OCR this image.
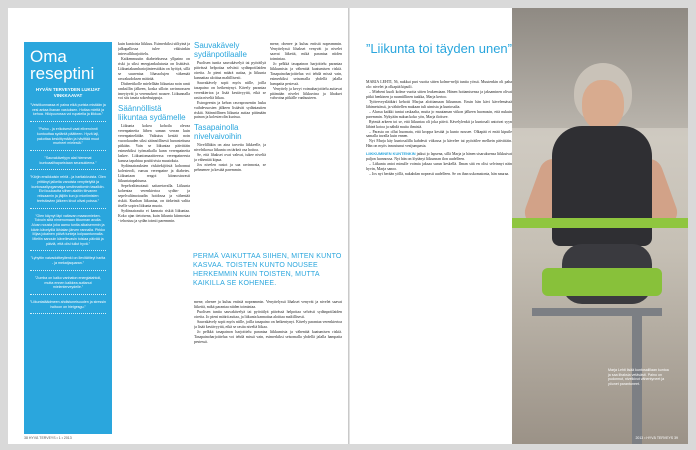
Oma reseptini
HYVÄN TERVEYDEN LUKIJAT VINKKAAVAT
”Veistikunnassa ei paina eikä purista mistään ja vesi antaa ihanan vastuksen. Hoitaa mieltä ja kehoa. Hikipuurossa voi rupatella ja liikkua.”
”Paino - ja erikoisesti vaat eliveroinnit kuntouttaa sydäntä päätteen. Hyvä lajl, pakottaa keskittymään ja hävittää muut murheet mielestä.”
”Sauvakävelyyn alat hiemmat kuntoaalihaparistaan seuraukiema.”
”Kärjin ensikkaisin rehtä - ja hartiakivuista. Olen yrittänyt jalkeita vanoista venyttelyltä ja kuntosaaliyogamaiga sesitnnattomin tasalkiin. Eivi kuukautta siihen alaltiin tiirvanen reksaamin ja jäljitin kun jo mioriimisten teetsitavien jälkeen kivut olivat poissa.”
”Olen käynyt läpi valtavan maasvmieken. Toivuin siitä nimenomaan liikunnan avulla. Alusn nousta joka aamu tuntia aikaisemmin ja kävin kävelyillä lähialan järven rannalla. Pirkko liiljaa jokainen päivä tunteja kolpaantunnalla. Mieltin sanouin kävellevasin toisiaa päivää ja päiviä, että olisi tullut hyvä.”
”Lyhyttin vaivadoitteyitenki on Ilevitätiteyi harita - ja mekatjaquaran.”
”Zumba on kaiko vanhaton energiatahtoli, mutta ennen kaikkea auttanut mielenterveydelle.”
”Liikuntatäädmeen ahdistuneisuuden ja stressin hoitoon on hieigesgu.”

kuin kuntoista liikkuu. Esimerkiksi siiltyinä ja jalkapallossa tulee väkisinkin intervalliharjoittelu.

Kaikenmuutin diabeteksessa yllpaino on riski ja siksi energiankulutusta on lisättävä. Liikuntakumhariojänteestäkin on hyötyä, sillä se suurentaa lihassolujen väkemää rasvakudoksen määrää.

Diabeetikolle mielellään liikuntaa noin ranti ranksillin jälkeen, koska silloin ravinnosssen imeytyvät ja verensokeri nousee. Liikunnalla voi siis tasata sokerhuippuja.

Säännöllistä liikuntaa sydämelle

Liikunta kokea kohoila olevaa verenpainetta liiben saman verran kuin verenpainelääke. Vaikutus kestää noin vuorokauden siksi säännöllisesti harrastettuna pitkään. Vain se liikuntaa päivittäin esimerkiksi työmatkalla kann verenpainetta laskee. Liikuntomaaitteessa verenpaineesta kanssa tapahtuu positiivisia muutoksia.

Sydänsairauksien riskitekijöistä kohonnut kolesteroli, runsas verenpaine ja diabetes. Liikuntaan reagoi kiinnostavasti liikuntatapahtuma.

Sepelvaltimotauti saitaretavalla. Liikunta kohentaa verenkiertoa sydän- ja sepelvaltimotaudin hoidossa ja vähentää riskiä. Kunhan liikuntaa, on tärkeintä valita itselle sopiva liikunta muoto.

Sydänsairautta ei kannata riskiä liikuntaa. Koko ajan tietoisena, kuin liikunta kiinnostaa - tehostuu ja sydän toimii paremmin.

Sauvakävely sydänpotilaalle

Puolisen tuntia sauvakävelyä tai pyöräilyä päivässä helpottaa selvästi sydänpotilaiden oireita. Jo pieni määrä auttaa, ja liikunta kannattaa aloittaa maltillisesti.

Sauvakävely sopii myös niille, joilla tasapaino on heikentynyt. Kävely parantaa verenkiertoa ja lisää kestävyyttä, eikä se rasita niveliä liikaa.

Estrogeenin ja kehon rasvaprosentin lasku vaihdevuosien jälkeen lisäävät sydäntautien riskiä. Säännöllinen liikunta auttaa pitämään painon ja kolesterolin kurissa.

Tasapainolla nivelvaivoihin

Nivelilläkin on aina tarvetta liikkeelle, ja nivelrikossa liikunta on tärkeä osa hoitoa.

Se, että lihakset ovat vahvat, tukee niveliä ja vähentää kipua.

Jos nivelen rustot ja saa ravinnosta, se pehmenee ja kestää paremmin.

PERMÄ VAIKUTTAA SIIHEN, MITEN KUNTO KASVAA. TOISTEN KUNTO NOUSEE HERKEMMIN KUIN TOISTEN, MUTTA KAIKILLA SE KOHENEE.

mene, ohenee ja kuluu entistä nopeammin. Venyttelyssä lihakset venyvät ja nivelet saavat liikettä, mikä parantaa niiden toimintaa.

Jo pelkkä tasapainon harjoittelu parantaa liikkumista ja vähentää kaatumisen riskiä. Tasapainoharjoittelua voi tehdä missä vain, esimerkiksi seisomalla yhdellä jalalla hampaita pestessä.

Venyttely ja kevyt voimaharjoittelu auttavat pitämään nivelet liikkuvina ja lihakset vahvoina pitkälle vanhuuteen.

mene, ohenee ja kuluu entistä nopeammin. Venyttelyssä lihakset venyvät ja nivelet saavat liikettä, mikä parantaa niiden toimintaa.

Puolisen tuntia sauvakävelyä tai pyöräilyä päivässä helpottaa selvästi sydänpotilaiden oireita. Jo pieni määrä auttaa, ja liikunta kannattaa aloittaa maltillisesti.

Sauvakävely sopii myös niille, joilla tasapaino on heikentynyt. Kävely parantaa verenkiertoa ja lisää kestävyyttä, eikä se rasita niveliä liikaa.

Jo pelkkä tasapainon harjoittelu parantaa liikkumista ja vähentää kaatumisen riskiä. Tasapainoharjoittelua voi tehdä missä vain, esimerkiksi seisomalla yhdellä jalalla hampaita pestessä.

38 HYVÄ TERVEYS • 1 • 2013
”Liikunta toi täyden unen”

MARJA LEHTI, 56, nukkui pari vuotta sitten kolme-neljä tuntia yössä. Muutenkin oli paha olo: nivelet ja olkapää kipuili.

– Mieheni kuoli kolme vuotta sitten leukemiaan. Hänen hoitamisensa ja jaksaminen olivat pitkä henkinen ja ruumiillinen taakka, Marja kertoo.

Työterveyslääkäri kehotti Marjaa aloittamaan liikunnan. Ensin hän kävi kävelemässä lähimetsässä, ja vähitellen mukaan tuli uimista ja kuntosalia.

– Alussa kaikki tuntui raskaalta, mutta jo muutaman viikon jälkeen huomasin, että nukuin paremmin. Nykyään nukun koko yön, Marja iloitsee.

Rytmiä arkeen toi se, että liikuntaa oli joka päivä. Kävelylenkit ja kuntosali antoivat syyn lähteä kotoa ja nähdä muita ihmisiä.

– Parasta on ollut huomata, että kroppa kestää ja kunto nousee. Olkapää ei enää kipuile samalla tavalla kuin ennen.

Nyt Marja käy kuntosalilla kahdesti viikossa ja kävelee tai pyöräilee melkein päivittäin. Hän on myös innostunut vesijumpasta.

LIIKKUMINEN KUNTENKIN jatkui jo lapsena, sillä Marja ja hänen sisaruksensa liikkuivat paljon luonnossa. Nyt hän on löytänyt liikunnan ilon uudelleen.

– Liikunta antoi minulle voimia jaksaa surun keskellä. Ilman sitä en olisi selvinnyt näin hyvin, Marja sanoo.

– Jos nyt herään yöllä, nukahdan nopeasti uudelleen. Se on ihan uskomatonta, hän nauraa.

Marja Lehti lisää kuntosalillaan kuntoa ja saa lihaksia vetävästi. Paino on pudonnut, nivelkivut vähentyneet ja yöunet parantuneet.
2013 • HYVÄ TERVEYS 39
